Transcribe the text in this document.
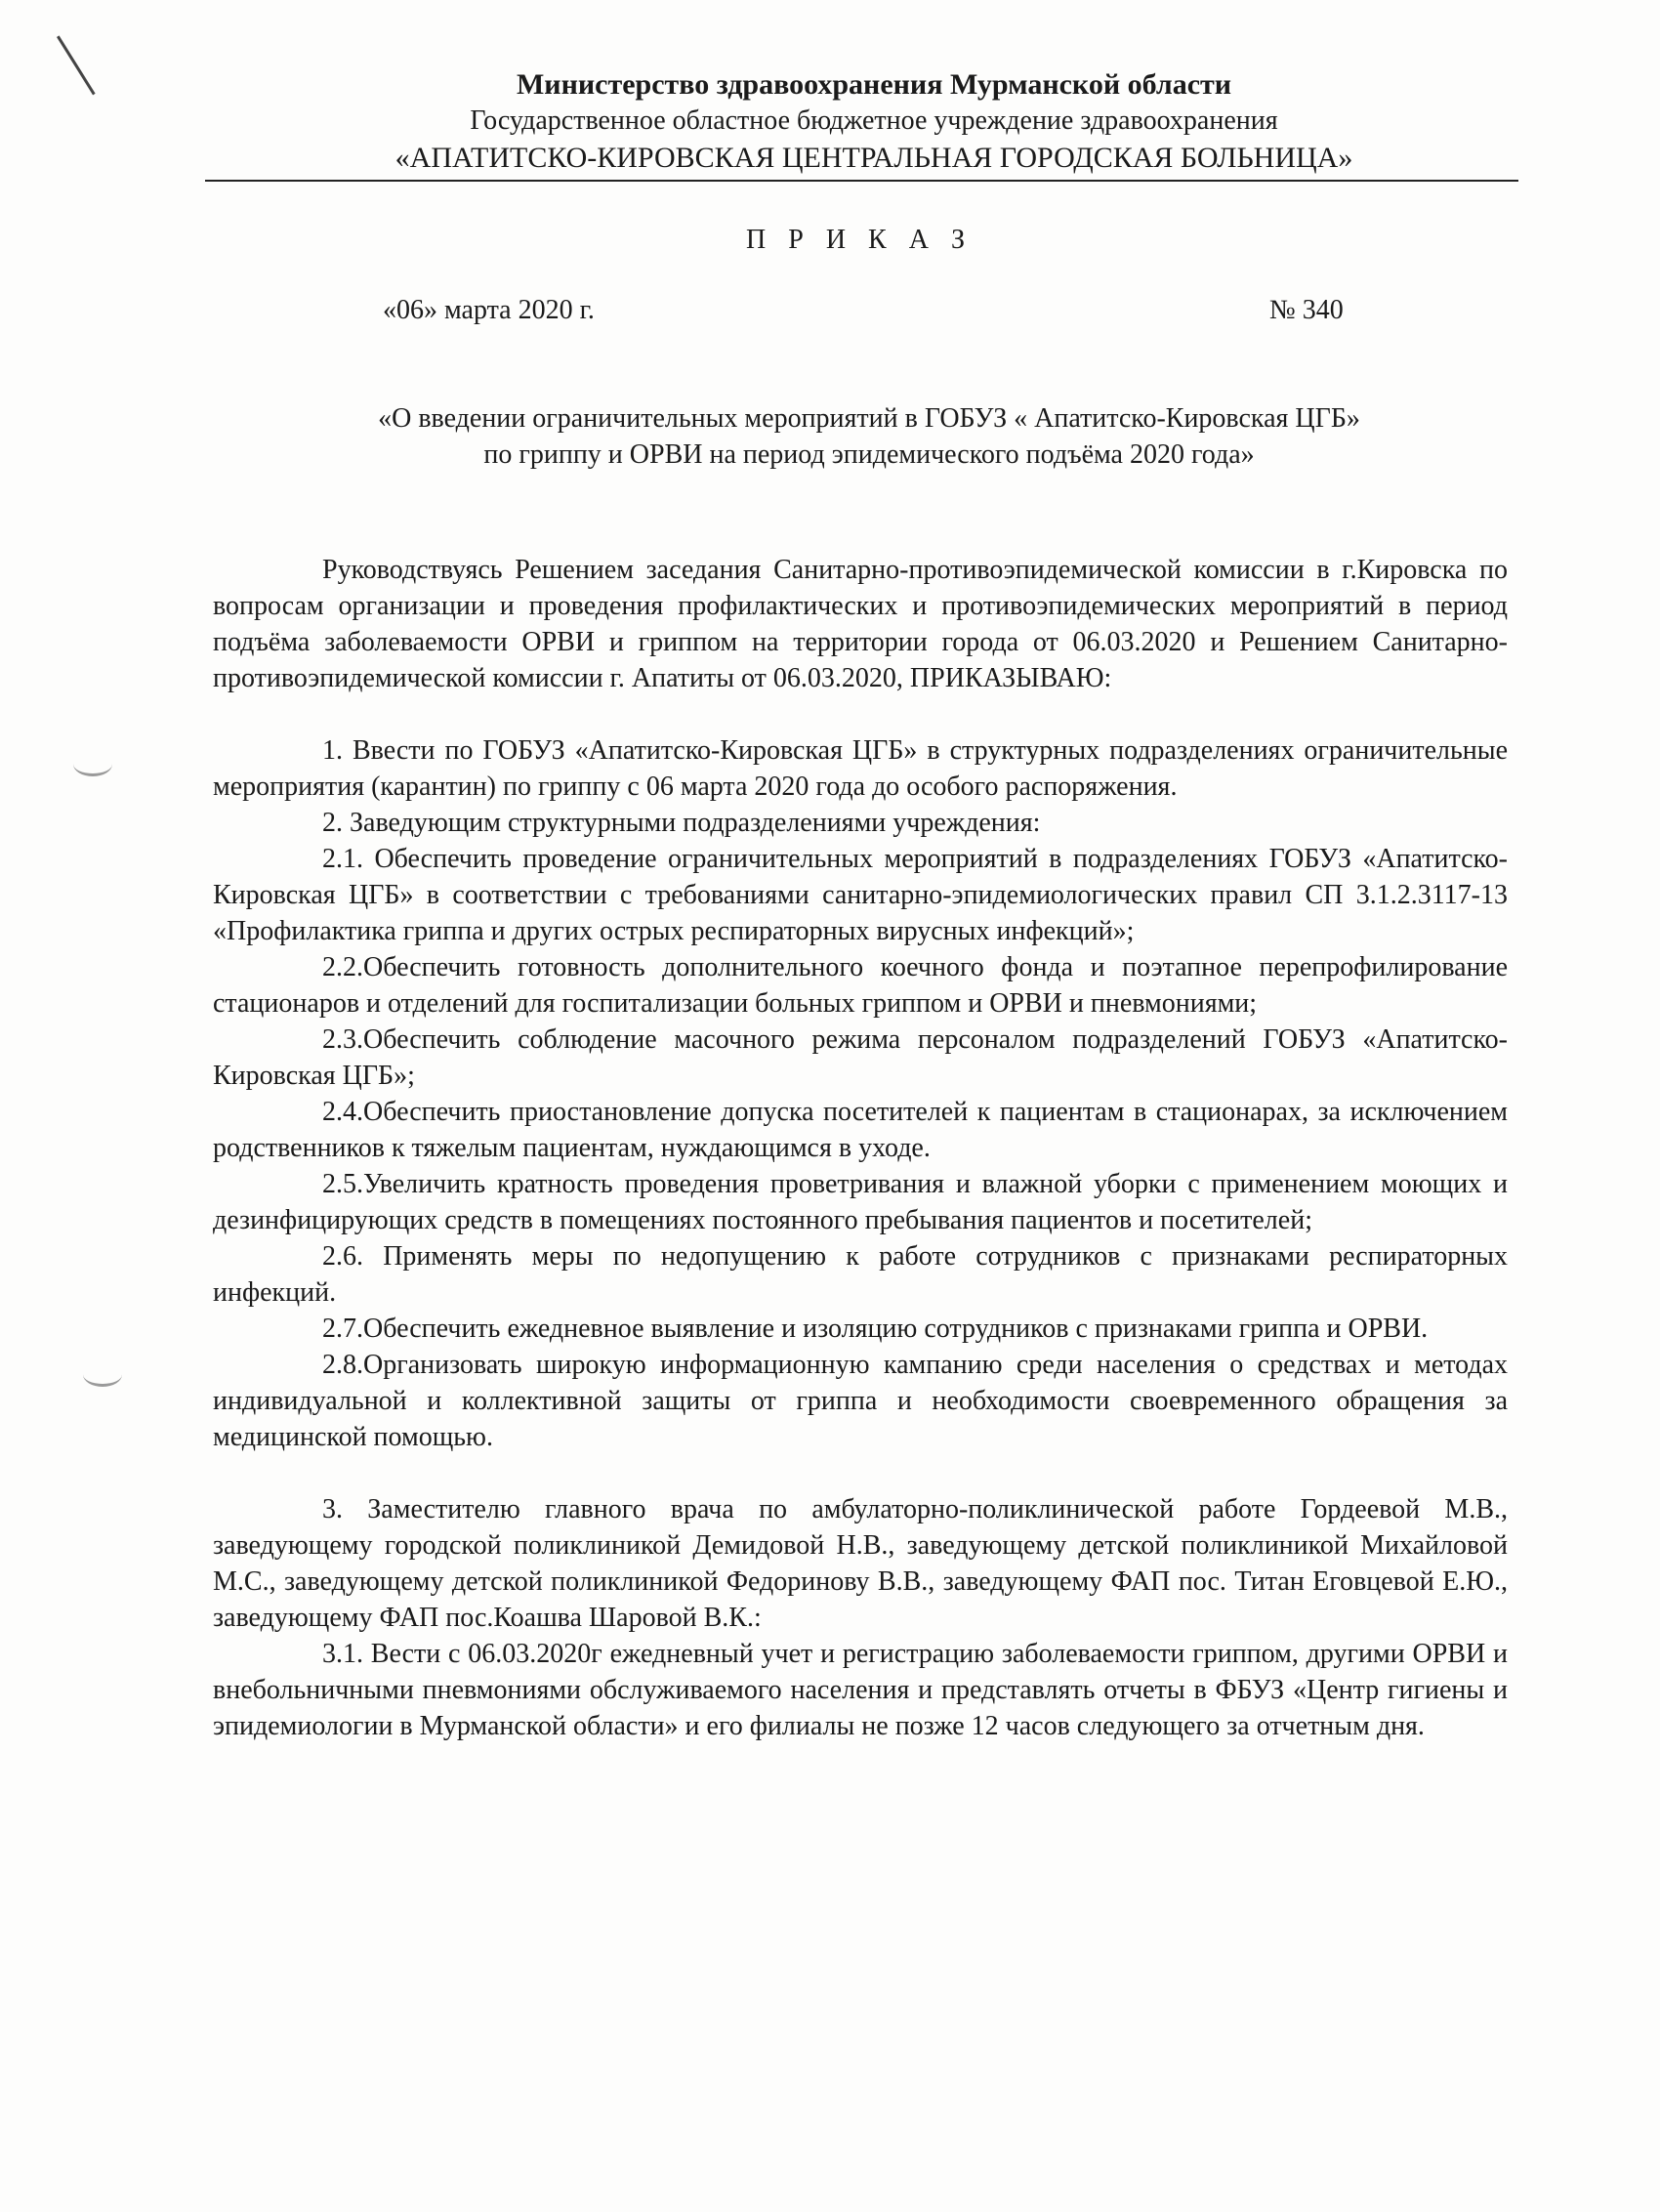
Министерство здравоохранения Мурманской области
Государственное областное бюджетное учреждение здравоохранения
«АПАТИТСКО-КИРОВСКАЯ ЦЕНТРАЛЬНАЯ ГОРОДСКАЯ БОЛЬНИЦА»
П Р И К А З
«06» марта 2020 г.	№ 340
«О введении ограничительных мероприятий в ГОБУЗ « Апатитско-Кировская ЦГБ»
по гриппу и ОРВИ на период эпидемического подъёма 2020 года»

Руководствуясь Решением заседания Санитарно-противоэпидемической комиссии в г.Кировска по вопросам организации и проведения профилактических и противоэпидемических мероприятий в период подъёма заболеваемости ОРВИ и гриппом на территории города от 06.03.2020 и Решением Санитарно-противоэпидемической комиссии г. Апатиты от 06.03.2020, ПРИКАЗЫВАЮ:

1. Ввести по ГОБУЗ «Апатитско-Кировская ЦГБ» в структурных подразделениях ограничительные мероприятия (карантин) по гриппу с 06 марта 2020 года до особого распоряжения.

2. Заведующим структурными подразделениями учреждения:

2.1. Обеспечить проведение ограничительных мероприятий в подразделениях ГОБУЗ «Апатитско-Кировская ЦГБ» в соответствии с требованиями санитарно-эпидемиологических правил СП 3.1.2.3117-13 «Профилактика гриппа и других острых респираторных вирусных инфекций»;

2.2.Обеспечить готовность дополнительного коечного фонда и поэтапное перепрофилирование стационаров и отделений для госпитализации больных гриппом и ОРВИ и пневмониями;

2.3.Обеспечить соблюдение масочного режима персоналом подразделений ГОБУЗ «Апатитско-Кировская ЦГБ»;

2.4.Обеспечить приостановление допуска посетителей к пациентам в стационарах, за исключением родственников к тяжелым пациентам, нуждающимся в уходе.

2.5.Увеличить кратность проведения проветривания и влажной уборки с применением моющих и дезинфицирующих средств в помещениях постоянного пребывания пациентов и посетителей;

2.6. Применять меры по недопущению к работе сотрудников с признаками респираторных инфекций.

2.7.Обеспечить ежедневное выявление и изоляцию сотрудников с признаками гриппа и ОРВИ.

2.8.Организовать широкую информационную кампанию среди населения о средствах и методах индивидуальной и коллективной защиты от гриппа и необходимости своевременного обращения за медицинской помощью.

3. Заместителю главного врача по амбулаторно-поликлинической работе Гордеевой М.В., заведующему городской поликлиникой Демидовой Н.В., заведующему детской поликлиникой Михайловой М.С., заведующему детской поликлиникой Федоринову В.В., заведующему ФАП пос. Титан Еговцевой Е.Ю., заведующему ФАП пос.Коашва Шаровой В.К.:

3.1. Вести с 06.03.2020г ежедневный учет и регистрацию заболеваемости гриппом, другими ОРВИ и внебольничными пневмониями обслуживаемого населения и представлять отчеты в ФБУЗ «Центр гигиены и эпидемиологии в Мурманской области» и его филиалы не позже 12 часов следующего за отчетным дня.
